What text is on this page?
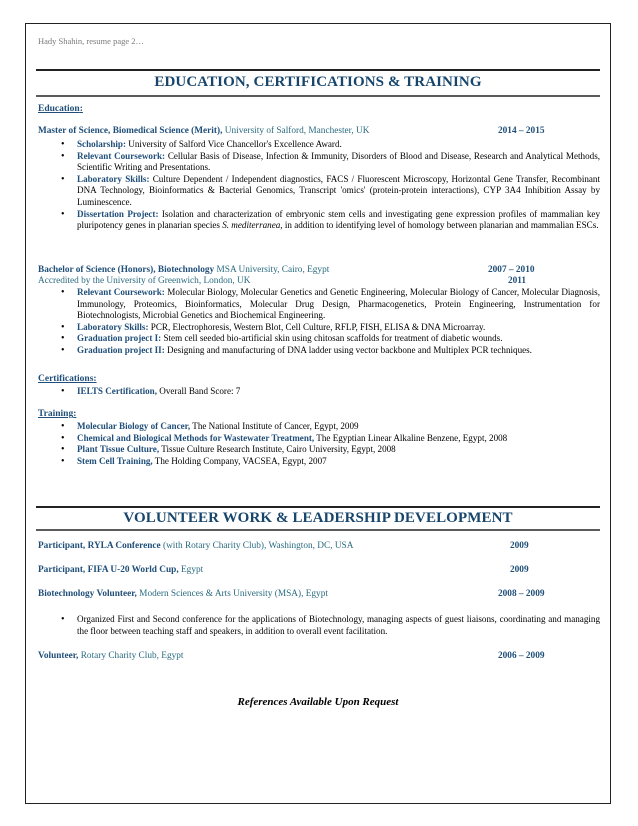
Hady Shahin, resume page 2…
EDUCATION, CERTIFICATIONS & TRAINING
Education:
Master of Science, Biomedical Science (Merit), University of Salford, Manchester, UK	2014 – 2015
• Scholarship: University of Salford Vice Chancellor's Excellence Award.
• Relevant Coursework: Cellular Basis of Disease, Infection & Immunity, Disorders of Blood and Disease, Research and Analytical Methods, Scientific Writing and Presentations.
• Laboratory Skills: Culture Dependent / Independent diagnostics, FACS / Fluorescent Microscopy, Horizontal Gene Transfer, Recombinant DNA Technology, Bioinformatics & Bacterial Genomics, Transcript 'omics' (protein-protein interactions), CYP 3A4 Inhibition Assay by Luminescence.
• Dissertation Project: Isolation and characterization of embryonic stem cells and investigating gene expression profiles of mammalian key pluripotency genes in planarian species S. mediterranea, in addition to identifying level of homology between planarian and mammalian ESCs.
Bachelor of Science (Honors), Biotechnology MSA University, Cairo, Egypt	2007 – 2010
Accredited by the University of Greenwich, London, UK	2011
• Relevant Coursework: Molecular Biology, Molecular Genetics and Genetic Engineering, Molecular Biology of Cancer, Molecular Diagnosis, Immunology, Proteomics, Bioinformatics, Molecular Drug Design, Pharmacogenetics, Protein Engineering, Instrumentation for Biotechnologists, Microbial Genetics and Biochemical Engineering.
• Laboratory Skills: PCR, Electrophoresis, Western Blot, Cell Culture, RFLP, FISH, ELISA & DNA Microarray.
• Graduation project I: Stem cell seeded bio-artificial skin using chitosan scaffolds for treatment of diabetic wounds.
• Graduation project II: Designing and manufacturing of DNA ladder using vector backbone and Multiplex PCR techniques.
Certifications:
• IELTS Certification, Overall Band Score: 7
Training:
• Molecular Biology of Cancer, The National Institute of Cancer, Egypt, 2009
• Chemical and Biological Methods for Wastewater Treatment, The Egyptian Linear Alkaline Benzene, Egypt, 2008
• Plant Tissue Culture, Tissue Culture Research Institute, Cairo University, Egypt, 2008
• Stem Cell Training, The Holding Company, VACSEA, Egypt, 2007
VOLUNTEER WORK & LEADERSHIP DEVELOPMENT
Participant, RYLA Conference (with Rotary Charity Club), Washington, DC, USA	2009
Participant, FIFA U-20 World Cup, Egypt	2009
Biotechnology Volunteer, Modern Sciences & Arts University (MSA), Egypt	2008 – 2009
• Organized First and Second conference for the applications of Biotechnology, managing aspects of guest liaisons, coordinating and managing the floor between teaching staff and speakers, in addition to overall event facilitation.
Volunteer, Rotary Charity Club, Egypt	2006 – 2009
References Available Upon Request
